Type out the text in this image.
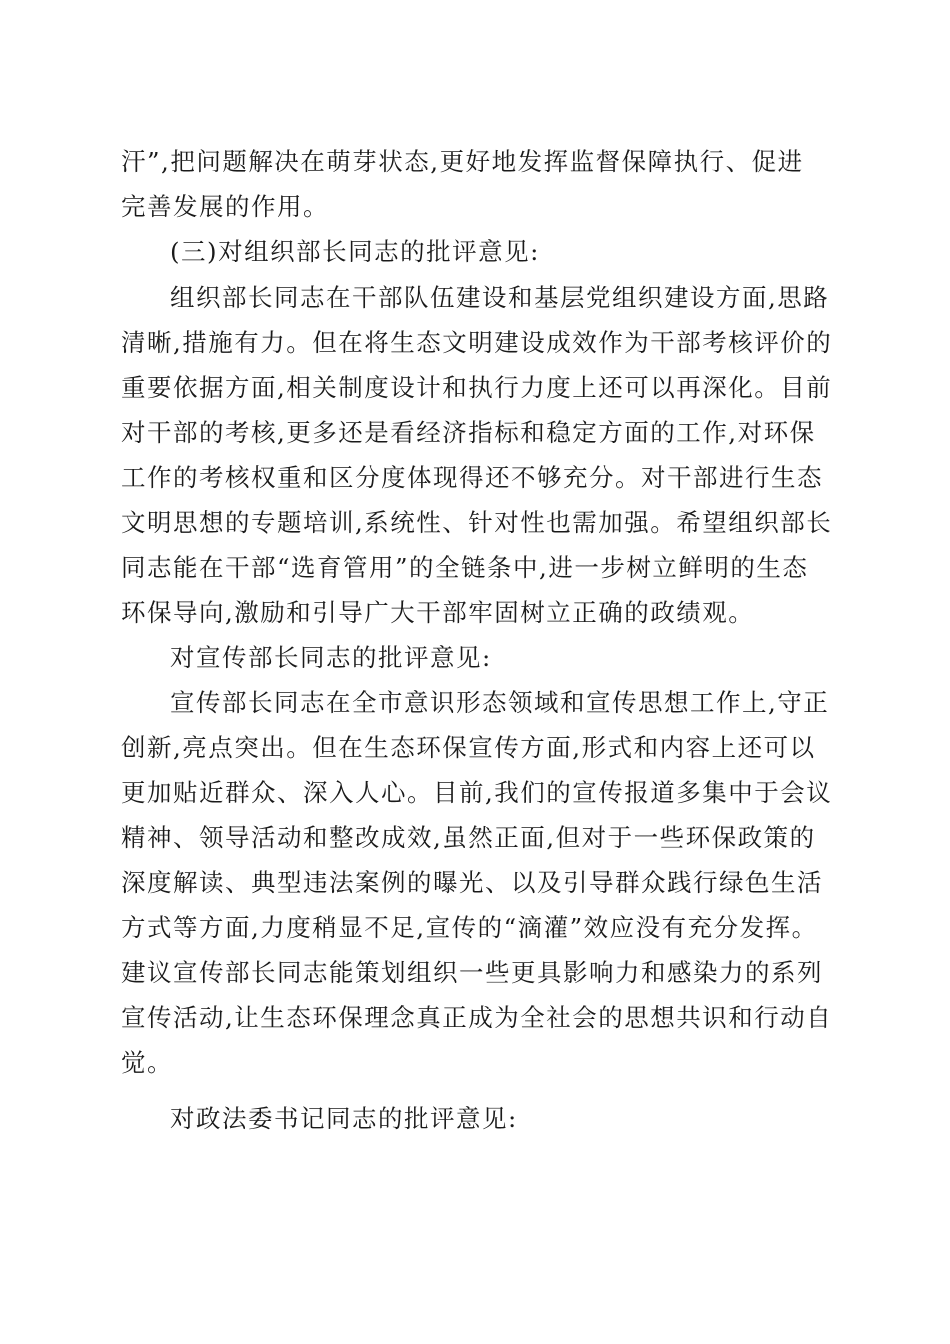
汗”,把问题解决在萌芽状态,更好地发挥监督保障执行、促进
完善发展的作用。
(三)对组织部长同志的批评意见:
组织部长同志在干部队伍建设和基层党组织建设方面,思路
清晰,措施有力。但在将生态文明建设成效作为干部考核评价的
重要依据方面,相关制度设计和执行力度上还可以再深化。目前
对干部的考核,更多还是看经济指标和稳定方面的工作,对环保
工作的考核权重和区分度体现得还不够充分。对干部进行生态
文明思想的专题培训,系统性、针对性也需加强。希望组织部长
同志能在干部“选育管用”的全链条中,进一步树立鲜明的生态
环保导向,激励和引导广大干部牢固树立正确的政绩观。
对宣传部长同志的批评意见:
宣传部长同志在全市意识形态领域和宣传思想工作上,守正
创新,亮点突出。但在生态环保宣传方面,形式和内容上还可以
更加贴近群众、深入人心。目前,我们的宣传报道多集中于会议
精神、领导活动和整改成效,虽然正面,但对于一些环保政策的
深度解读、典型违法案例的曝光、以及引导群众践行绿色生活
方式等方面,力度稍显不足,宣传的“滴灌”效应没有充分发挥。
建议宣传部长同志能策划组织一些更具影响力和感染力的系列
宣传活动,让生态环保理念真正成为全社会的思想共识和行动自
觉。
对政法委书记同志的批评意见:
